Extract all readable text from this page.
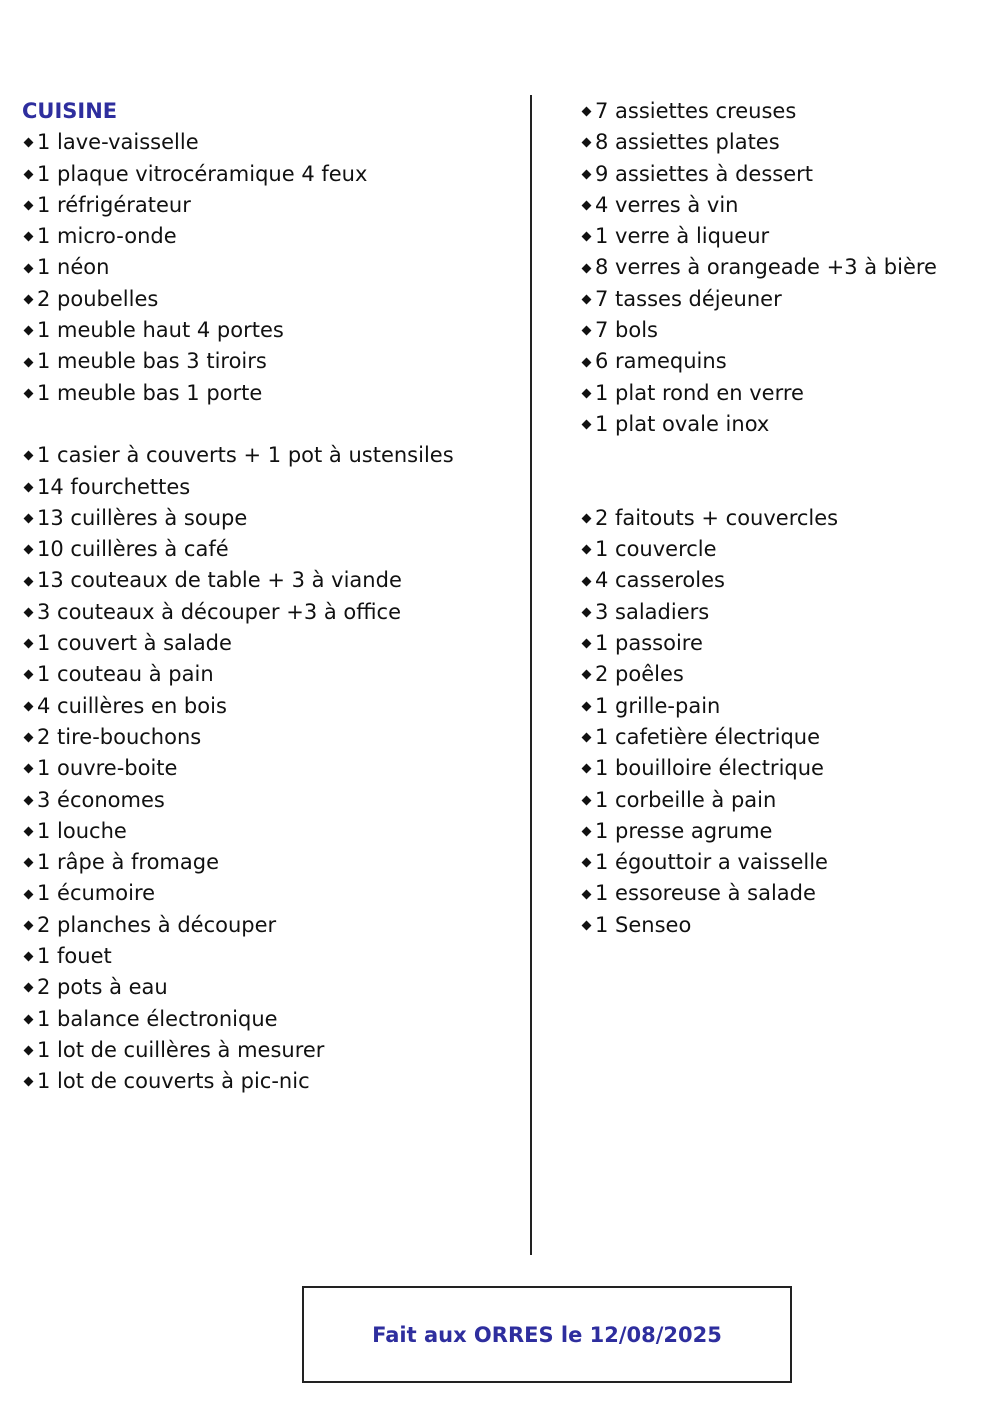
CUISINE
1 lave-vaisselle
1 plaque vitrocéramique 4 feux
1 réfrigérateur
1 micro-onde
1 néon
2 poubelles
1 meuble haut 4 portes
1 meuble bas 3 tiroirs
1 meuble bas 1 porte
1 casier à couverts + 1 pot à ustensiles
14 fourchettes
13 cuillères à soupe
10 cuillères à café
13 couteaux de table + 3 à viande
3 couteaux à découper +3 à office
1 couvert à salade
1 couteau à pain
4 cuillères en bois
2 tire-bouchons
1 ouvre-boite
3 économes
1 louche
1 râpe à fromage
1 écumoire
2 planches à découper
1 fouet
2 pots à eau
1 balance électronique
1 lot de cuillères à mesurer
1 lot de couverts à pic-nic
7 assiettes creuses
8 assiettes plates
9 assiettes à dessert
4 verres à vin
1 verre à liqueur
8 verres à orangeade +3 à bière
7 tasses déjeuner
7 bols
6 ramequins
1 plat rond en verre
1 plat ovale inox
2 faitouts + couvercles
1 couvercle
4 casseroles
3 saladiers
1 passoire
2 poêles
1 grille-pain
1 cafetière électrique
1 bouilloire électrique
1 corbeille à pain
1 presse agrume
1 égouttoir a vaisselle
1 essoreuse à salade
1 Senseo
Fait aux ORRES le 12/08/2025
